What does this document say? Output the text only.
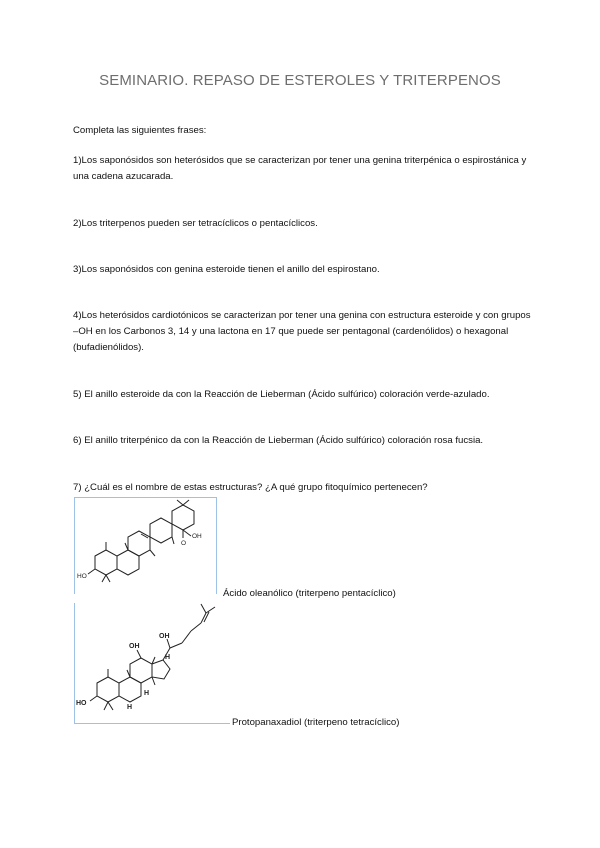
SEMINARIO. REPASO DE ESTEROLES Y TRITERPENOS
Completa las siguientes frases:
1)Los saponósidos son heterósidos que se caracterizan por tener una genina triterpénica o espirostánica y una cadena azucarada.
2)Los triterpenos pueden ser tetracíclicos o pentacíclicos.
3)Los saponósidos con genina esteroide tienen el anillo del espirostano.
4)Los heterósidos cardiotónicos se caracterizan por tener una genina con estructura esteroide y con grupos –OH en los Carbonos 3, 14 y una lactona en 17 que puede ser pentagonal (cardenólidos) o hexagonal (bufadienólidos).
5) El anillo esteroide da con la Reacción de Lieberman (Ácido sulfúrico) coloración verde-azulado.
6) El anillo triterpénico da con la Reacción de Lieberman (Ácido sulfúrico) coloración rosa fucsia.
7) ¿Cuál es el nombre de estas estructuras? ¿A qué grupo fitoquímico pertenecen?
HO
OH
O
Ácido oleanólico (triterpeno pentacíclico)
HO
OH
OH
H
H
H
Protopanaxadiol (triterpeno tetracíclico)
